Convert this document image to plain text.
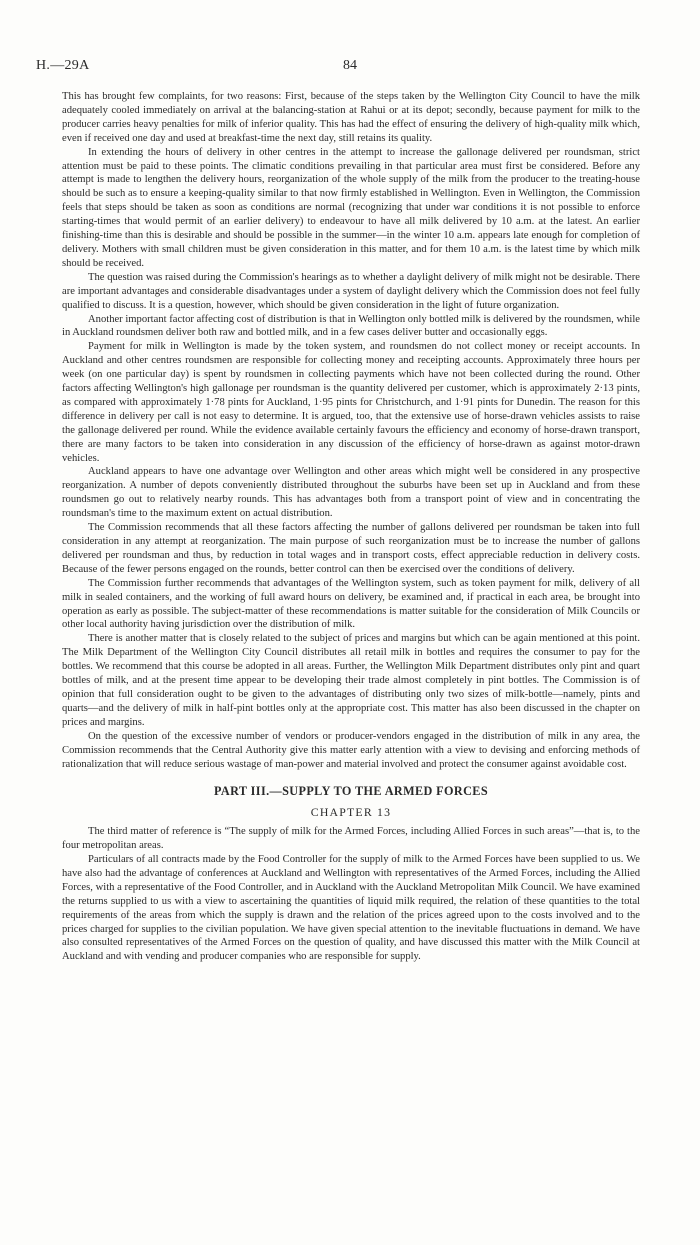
H.—29A	84

This has brought few complaints, for two reasons: First, because of the steps taken by the Wellington City Council to have the milk adequately cooled immediately on arrival at the balancing-station at Rahui or at its depot; secondly, because payment for milk to the producer carries heavy penalties for milk of inferior quality. This has had the effect of ensuring the delivery of high-quality milk which, even if received one day and used at breakfast-time the next day, still retains its quality.

In extending the hours of delivery in other centres in the attempt to increase the gallonage delivered per roundsman, strict attention must be paid to these points. The climatic conditions prevailing in that particular area must first be considered. Before any attempt is made to lengthen the delivery hours, reorganization of the whole supply of the milk from the producer to the treating-house should be such as to ensure a keeping-quality similar to that now firmly established in Wellington. Even in Wellington, the Commission feels that steps should be taken as soon as conditions are normal (recognizing that under war conditions it is not possible to enforce starting-times that would permit of an earlier delivery) to endeavour to have all milk delivered by 10 a.m. at the latest. An earlier finishing-time than this is desirable and should be possible in the summer—in the winter 10 a.m. appears late enough for completion of delivery. Mothers with small children must be given consideration in this matter, and for them 10 a.m. is the latest time by which milk should be received.

The question was raised during the Commission's hearings as to whether a daylight delivery of milk might not be desirable. There are important advantages and considerable disadvantages under a system of daylight delivery which the Commission does not feel fully qualified to discuss. It is a question, however, which should be given consideration in the light of future organization.

Another important factor affecting cost of distribution is that in Wellington only bottled milk is delivered by the roundsmen, while in Auckland roundsmen deliver both raw and bottled milk, and in a few cases deliver butter and occasionally eggs.

Payment for milk in Wellington is made by the token system, and roundsmen do not collect money or receipt accounts. In Auckland and other centres roundsmen are responsible for collecting money and receipting accounts. Approximately three hours per week (on one particular day) is spent by roundsmen in collecting payments which have not been collected during the round. Other factors affecting Wellington's high gallonage per roundsman is the quantity delivered per customer, which is approximately 2·13 pints, as compared with approximately 1·78 pints for Auckland, 1·95 pints for Christchurch, and 1·91 pints for Dunedin. The reason for this difference in delivery per call is not easy to determine. It is argued, too, that the extensive use of horse-drawn vehicles assists to raise the gallonage delivered per round. While the evidence available certainly favours the efficiency and economy of horse-drawn transport, there are many factors to be taken into consideration in any discussion of the efficiency of horse-drawn as against motor-drawn vehicles.

Auckland appears to have one advantage over Wellington and other areas which might well be considered in any prospective reorganization. A number of depots conveniently distributed throughout the suburbs have been set up in Auckland and from these roundsmen go out to relatively nearby rounds. This has advantages both from a transport point of view and in concentrating the roundsman's time to the maximum extent on actual distribution.

The Commission recommends that all these factors affecting the number of gallons delivered per roundsman be taken into full consideration in any attempt at reorganization. The main purpose of such reorganization must be to increase the number of gallons delivered per roundsman and thus, by reduction in total wages and in transport costs, effect appreciable reduction in delivery costs. Because of the fewer persons engaged on the rounds, better control can then be exercised over the conditions of delivery.

The Commission further recommends that advantages of the Wellington system, such as token payment for milk, delivery of all milk in sealed containers, and the working of full award hours on delivery, be examined and, if practical in each area, be brought into operation as early as possible. The subject-matter of these recommendations is matter suitable for the consideration of Milk Councils or other local authority having jurisdiction over the distribution of milk.

There is another matter that is closely related to the subject of prices and margins but which can be again mentioned at this point. The Milk Department of the Wellington City Council distributes all retail milk in bottles and requires the consumer to pay for the bottles. We recommend that this course be adopted in all areas. Further, the Wellington Milk Department distributes only pint and quart bottles of milk, and at the present time appear to be developing their trade almost completely in pint bottles. The Commission is of opinion that full consideration ought to be given to the advantages of distributing only two sizes of milk-bottle—namely, pints and quarts—and the delivery of milk in half-pint bottles only at the appropriate cost. This matter has also been discussed in the chapter on prices and margins.

On the question of the excessive number of vendors or producer-vendors engaged in the distribution of milk in any area, the Commission recommends that the Central Authority give this matter early attention with a view to devising and enforcing methods of rationalization that will reduce serious wastage of man-power and material involved and protect the consumer against avoidable cost.

PART III.—SUPPLY TO THE ARMED FORCES
CHAPTER 13

The third matter of reference is “The supply of milk for the Armed Forces, including Allied Forces in such areas”—that is, to the four metropolitan areas.

Particulars of all contracts made by the Food Controller for the supply of milk to the Armed Forces have been supplied to us. We have also had the advantage of conferences at Auckland and Wellington with representatives of the Armed Forces, including the Allied Forces, with a representative of the Food Controller, and in Auckland with the Auckland Metropolitan Milk Council. We have examined the returns supplied to us with a view to ascertaining the quantities of liquid milk required, the relation of these quantities to the total requirements of the areas from which the supply is drawn and the relation of the prices agreed upon to the costs involved and to the prices charged for supplies to the civilian population. We have given special attention to the inevitable fluctuations in demand. We have also consulted representatives of the Armed Forces on the question of quality, and have discussed this matter with the Milk Council at Auckland and with vending and producer companies who are responsible for supply.
